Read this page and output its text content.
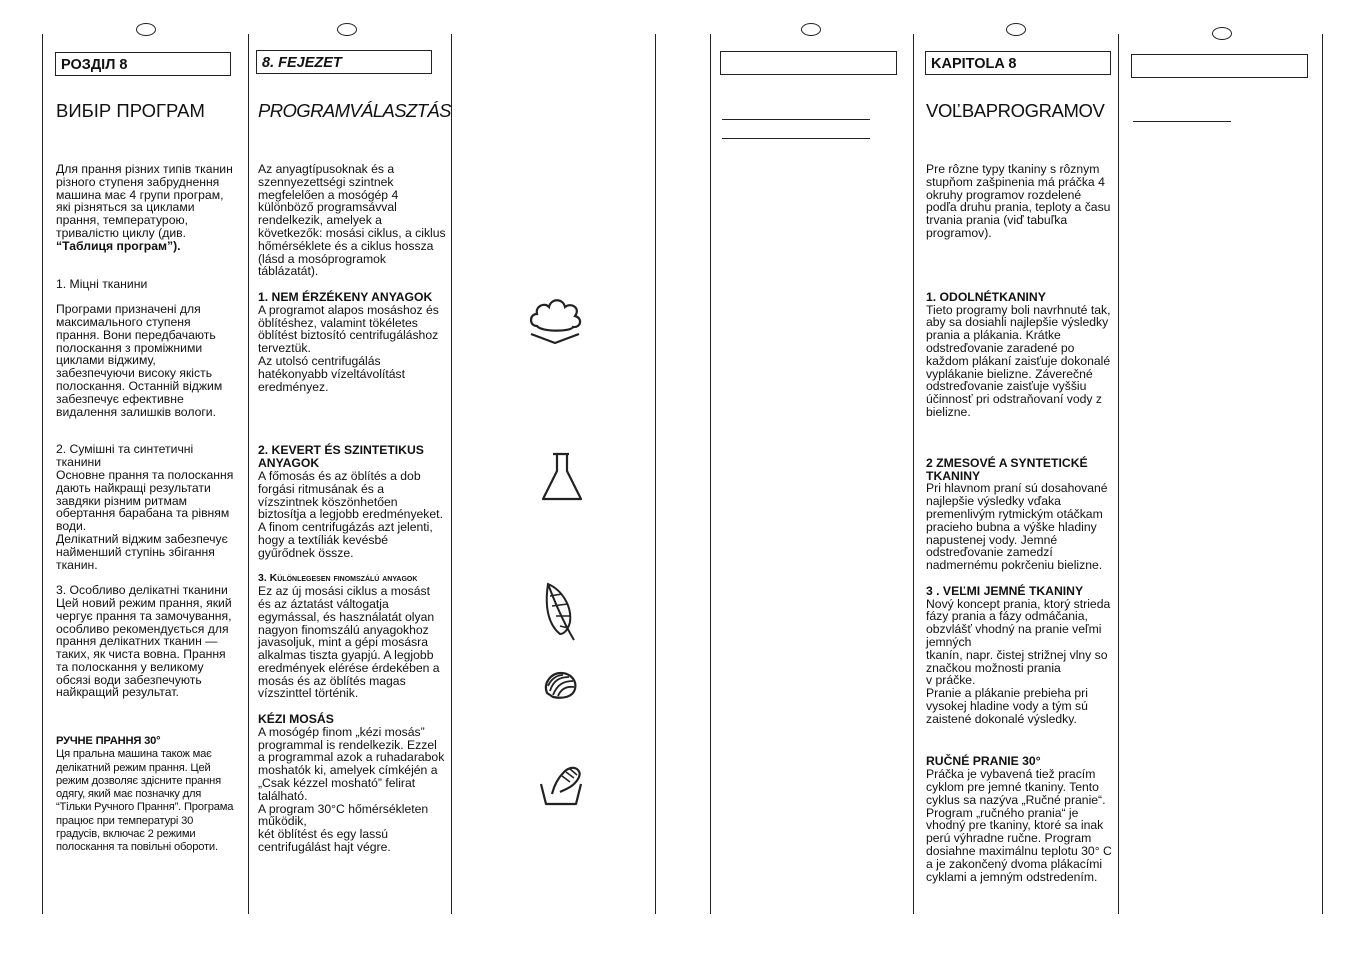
РОЗДІЛ 8	8. FEJEZET	KAPITOLA 8
ВИБІР ПРОГРАМ	PROGRAMVÁLASZTÁS	VOĽBAPROGRAMOV

Для прання різних типів тканин різного ступеня забруднення машина має 4 групи програм, які різняться за циклами прання, температурою, тривалістю циклу (див. “Таблиця програм”).

1. Міцні тканини

Програми призначені для максимального ступеня прання. Вони передбачають полоскання з проміжними циклами віджиму, забезпечуючи високу якість полоскання. Останній віджим забезпечує ефективне видалення залишків вологи.

2. Сумішні та синтетичні тканини

Основне прання та полоскання дають найкращі результати завдяки різним ритмам обертання барабана та рівням води.

Делікатний віджим забезпечує найменший ступінь збігання тканин.

3. Особливо делікатні тканини

Цей новий режим прання, який чергує прання та замочування, особливо рекомендується для прання делікатних тканин — таких, як чиста вовна. Прання та полоскання у великому обсязі води забезпечують найкращий результат.

РУЧНЕ ПРАННЯ 30°

Ця пральна машина також має делікатний режим прання. Цей режим дозволяє здісните прання одягу, який має позначку для “Тільки Ручного Прання”. Програма працює при температурі 30 градусів, включає 2 режими полоскання та повільні обороти.

Az anyagtípusoknak és a szennyezettségi szintnek megfelelően a mosógép 4 különböző programsávval rendelkezik, amelyek a következők: mosási ciklus, a ciklus hőmérséklete és a ciklus hossza (lásd a mosóprogramok táblázatát).

1. NEM ÉRZÉKENY ANYAGOK

A programot alapos mosáshoz és öblítéshez, valamint tökéletes öblítést biztosító centrifugáláshoz terveztük.

Az utolsó centrifugálás hatékonyabb vízeltávolítást eredményez.

2. KEVERT ÉS SZINTETIKUS ANYAGOK

A főmosás és az öblítés a dob forgási ritmusának és a vízszintnek köszönhetően biztosítja a legjobb eredményeket.

A finom centrifugázás azt jelenti, hogy a textíliák kevésbé gyűrődnek össze.

3. Különlegesen finomszálú anyagok

Ez az új mosási ciklus a mosást és az áztatást váltogatja egymással, és használatát olyan nagyon finomszálú anyagokhoz javasoljuk, mint a gépi mosásra alkalmas tiszta gyapjú. A legjobb eredmények elérése érdekében a mosás és az öblítés magas vízszinttel történik.

KÉZI MOSÁS

A mosógép finom „kézi mosás” programmal is rendelkezik. Ezzel a programmal azok a ruhadarabok moshatók ki, amelyek címkéjén a „Csak kézzel mosható” felirat található.

A program 30°C hőmérsékleten működik,

két öblítést és egy lassú centrifugálást hajt végre.

Pre rôzne typy tkaniny s rôznym stupňom zašpinenia má práčka 4 okruhy programov rozdelené podľa druhu prania, teploty a času trvania prania (viď tabuľka programov).

1. ODOLNÉTKANINY

Tieto programy boli navrhnuté tak, aby sa dosiahli najlepšie výsledky prania a plákania. Krátke odstreďovanie zaradené po každom plákaní zaisťuje dokonalé vyplákanie bielizne. Záverečné odstreďovanie zaisťuje vyššiu účinnosť pri odstraňovaní vody z bielizne.

2 ZMESOVÉ A SYNTETICKÉ TKANINY

Pri hlavnom praní sú dosahované najlepšie výsledky vďaka premenlivým rytmickým otáčkam pracieho bubna a výške hladiny napustenej vody. Jemné odstreďovanie zamedzí nadmernému pokrčeniu bielizne.

3 . VEĽMI JEMNÉ TKANINY

Nový koncept prania, ktorý strieda fázy prania a fázy odmáčania, obzvlášť vhodný na pranie veľmi jemných

tkanín, napr. čistej strižnej vlny so značkou možnosti prania

v práčke.

Pranie a plákanie prebieha pri vysokej hladine vody a tým sú zaistené dokonalé výsledky.

RUČNÉ PRANIE 30°

Práčka je vybavená tiež pracím cyklom pre jemné tkaniny. Tento cyklus sa nazýva „Ručné pranie“. Program „ručného prania“ je vhodný pre tkaniny, ktoré sa inak perú výhradne ručne. Program dosiahne maximálnu teplotu 30° C a je zakončený dvoma plákacími cyklami a jemným odstredením.
